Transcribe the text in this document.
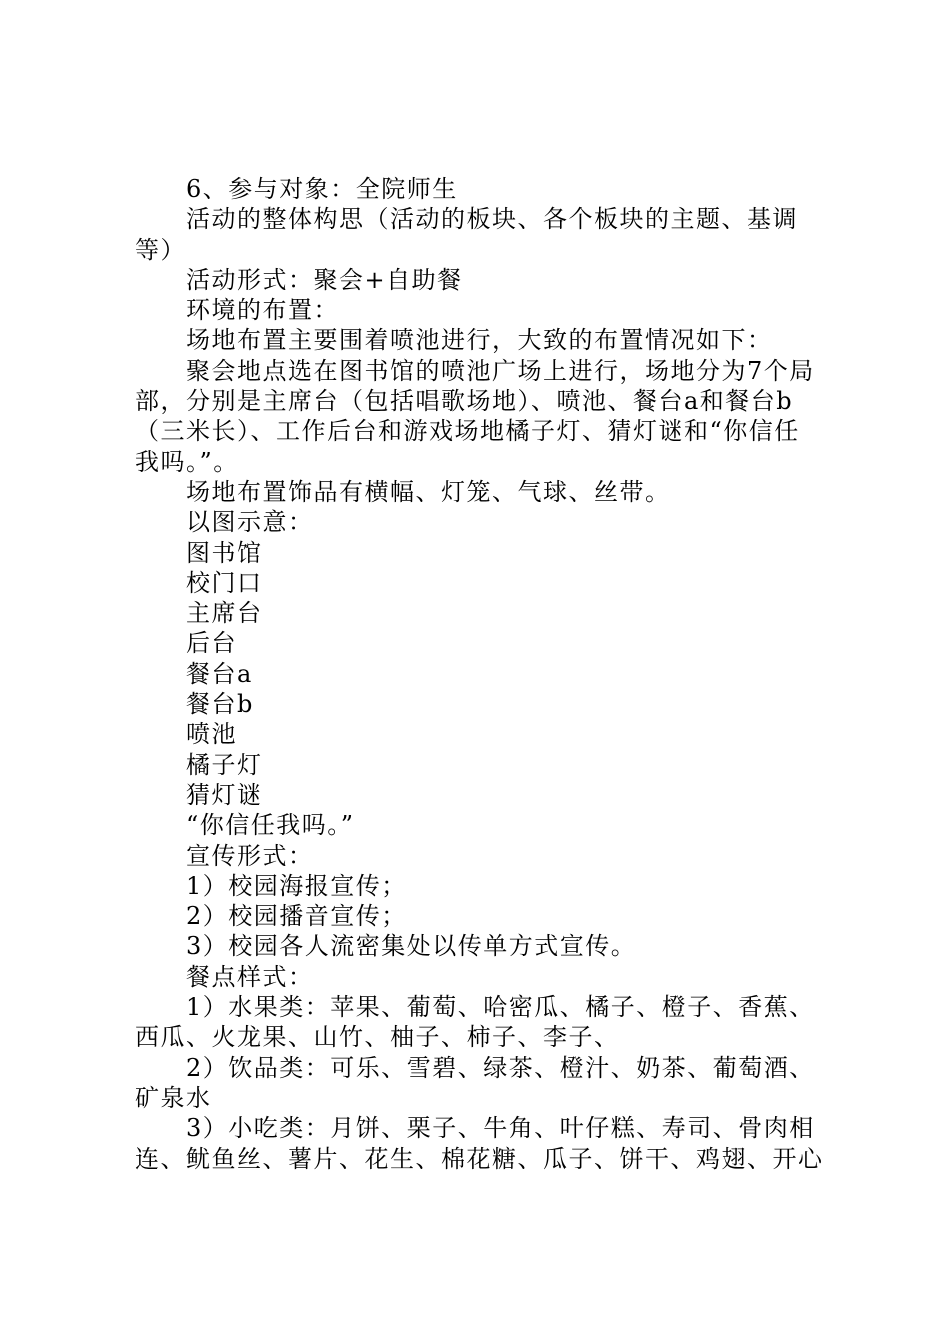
6、参与对象：全院师生

活动的整体构思（活动的板块、各个板块的主题、基调等）

活动形式：聚会+自助餐

环境的布置：

场地布置主要围着喷池进行，大致的布置情况如下：

聚会地点选在图书馆的喷池广场上进行，场地分为7个局部，分别是主席台（包括唱歌场地）、喷池、餐台a和餐台b（三米长）、工作后台和游戏场地橘子灯、猜灯谜和“你信任我吗。”。

场地布置饰品有横幅、灯笼、气球、丝带。

以图示意：

图书馆

校门口

主席台

后台

餐台a

餐台b

喷池

橘子灯

猜灯谜

“你信任我吗。”

宣传形式：

1）校园海报宣传；

2）校园播音宣传；

3）校园各人流密集处以传单方式宣传。

餐点样式：

1）水果类：苹果、葡萄、哈密瓜、橘子、橙子、香蕉、西瓜、火龙果、山竹、柚子、柿子、李子、

2）饮品类：可乐、雪碧、绿茶、橙汁、奶茶、葡萄酒、矿泉水

3）小吃类：月饼、栗子、牛角、叶仔糕、寿司、骨肉相连、鱿鱼丝、薯片、花生、棉花糖、瓜子、饼干、鸡翅、开心
